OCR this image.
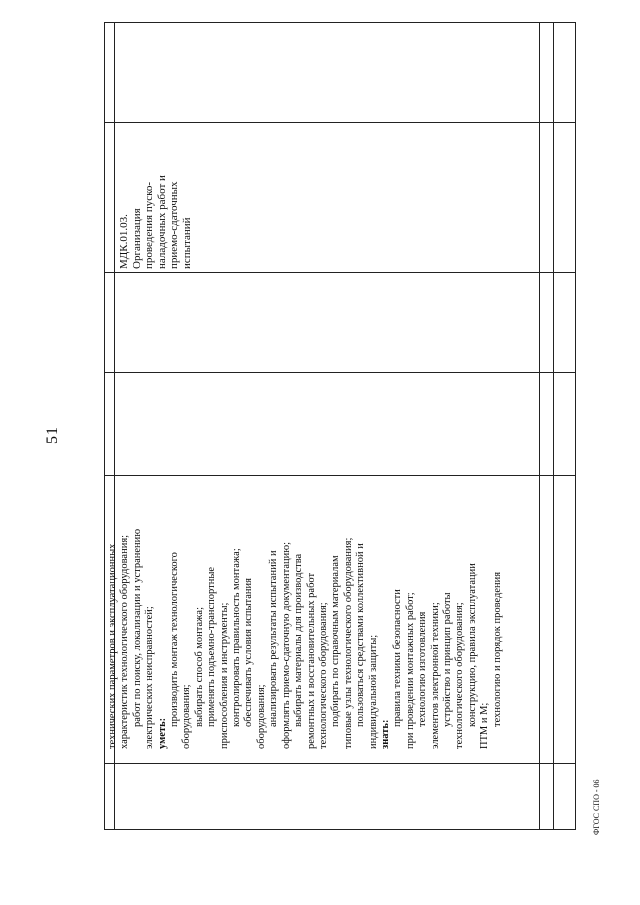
51
технических параметров и эксплуатационных характеристик технологического оборудования; работ по поиску, локализации и устранению электрических неисправностей; уметь:
производить монтаж технологического оборудования; выбирать способ монтажа; применять подъемно-транспортные приспособления и инструменты; контролировать правильность монтажа; обеспечивать условия испытания оборудования; анализировать результаты испытаний и оформлять приемо-сдаточную документацию; выбирать материалы для производства ремонтных и восстановительных работ технологического оборудования; подбирать по справочным материалам типовые узлы технологического оборудования; пользоваться средствами коллективной и индивидуальной защиты; знать:
правила техники безопасности при проведении монтажных работ; технологию изготовления элементов электронной техники; устройство и принцип работы технологического оборудования; конструкцию, правила эксплуатации ПТМ и М; технологию и порядок проведения
МДК.01.03. Организация проведения пуско- наладочных работ и приемо-сдаточных испытаний
ФГОС СПО - 06
